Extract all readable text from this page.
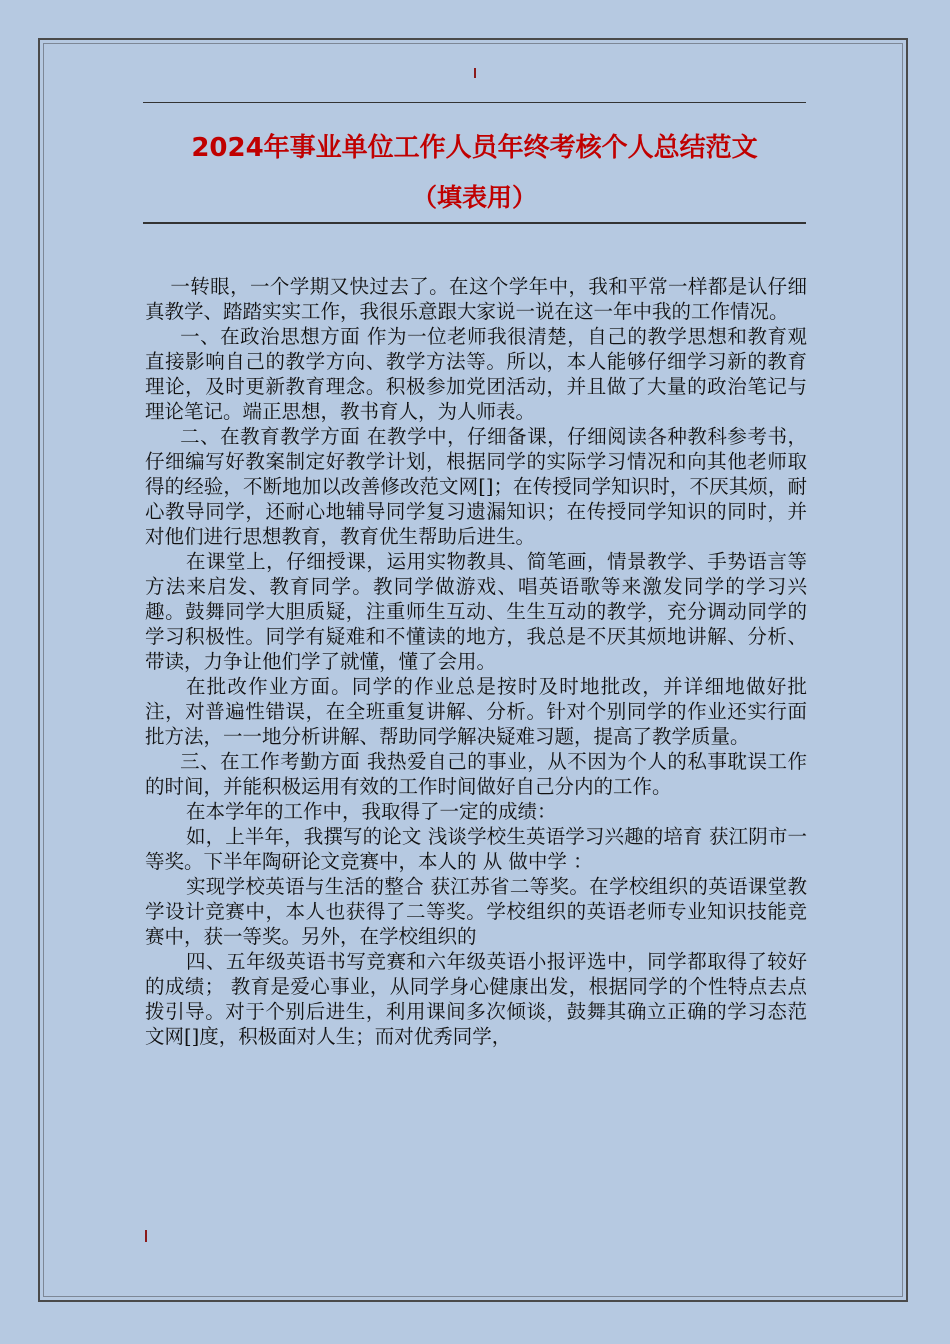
2024年事业单位工作人员年终考核个人总结范文
（填表用）

一转眼，一个学期又快过去了。在这个学年中，我和平常一样都是认仔细真教学、踏踏实实工作，我很乐意跟大家说一说在这一年中我的工作情况。

一、在政治思想方面 作为一位老师我很清楚，自己的教学思想和教育观直接影响自己的教学方向、教学方法等。所以，本人能够仔细学习新的教育理论，及时更新教育理念。积极参加党团活动，并且做了大量的政治笔记与理论笔记。端正思想，教书育人，为人师表。

二、在教育教学方面 在教学中，仔细备课，仔细阅读各种教科参考书，仔细编写好教案制定好教学计划，根据同学的实际学习情况和向其他老师取得的经验，不断地加以改善修改范文网[]；在传授同学知识时，不厌其烦，耐心教导同学，还耐心地辅导同学复习遗漏知识；在传授同学知识的同时，并对他们进行思想教育，教育优生帮助后进生。

在课堂上，仔细授课，运用实物教具、简笔画，情景教学、手势语言等方法来启发、教育同学。教同学做游戏、唱英语歌等来激发同学的学习兴趣。鼓舞同学大胆质疑，注重师生互动、生生互动的教学，充分调动同学的学习积极性。同学有疑难和不懂读的地方，我总是不厌其烦地讲解、分析、带读，力争让他们学了就懂，懂了会用。

在批改作业方面。同学的作业总是按时及时地批改，并详细地做好批注，对普遍性错误，在全班重复讲解、分析。针对个别同学的作业还实行面批方法，一一地分析讲解、帮助同学解决疑难习题，提高了教学质量。

三、在工作考勤方面 我热爱自己的事业，从不因为个人的私事耽误工作的时间，并能积极运用有效的工作时间做好自己分内的工作。

在本学年的工作中，我取得了一定的成绩：

如，上半年，我撰写的论文 浅谈学校生英语学习兴趣的培育 获江阴市一等奖。下半年陶研论文竞赛中，本人的 从 做中学 ：

实现学校英语与生活的整合 获江苏省二等奖。在学校组织的英语课堂教学设计竞赛中，本人也获得了二等奖。学校组织的英语老师专业知识技能竞赛中，获一等奖。另外，在学校组织的

四、五年级英语书写竞赛和六年级英语小报评选中，同学都取得了较好的成绩； 教育是爱心事业，从同学身心健康出发，根据同学的个性特点去点拨引导。对于个别后进生，利用课间多次倾谈，鼓舞其确立正确的学习态范文网[]度，积极面对人生；而对优秀同学，
